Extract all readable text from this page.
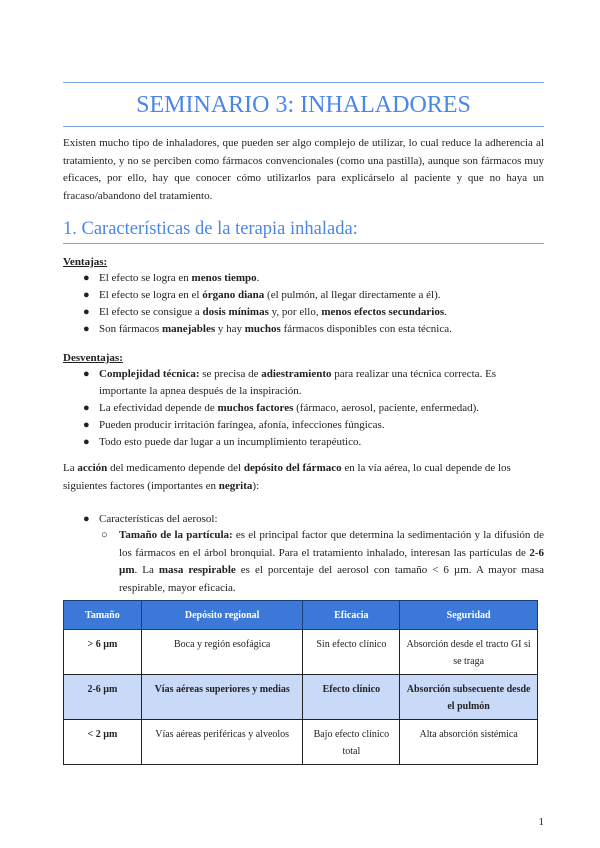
SEMINARIO 3: INHALADORES

Existen mucho tipo de inhaladores, que pueden ser algo complejo de utilizar, lo cual reduce la adherencia al tratamiento, y no se perciben como fármacos convencionales (como una pastilla), aunque son fármacos muy eficaces, por ello, hay que conocer cómo utilizarlos para explicárselo al paciente y que no haya un fracaso/abandono del tratamiento.

1. Características de la terapia inhalada:

Ventajas:

● El efecto se logra en menos tiempo.
● El efecto se logra en el órgano diana (el pulmón, al llegar directamente a él).
● El efecto se consigue a dosis mínimas y, por ello, menos efectos secundarios.
● Son fármacos manejables y hay muchos fármacos disponibles con esta técnica.

Desventajas:

● Complejidad técnica: se precisa de adiestramiento para realizar una técnica correcta. Es importante la apnea después de la inspiración.
● La efectividad depende de muchos factores (fármaco, aerosol, paciente, enfermedad).
● Pueden producir irritación faríngea, afonía, infecciones fúngicas.
● Todo esto puede dar lugar a un incumplimiento terapéutico.

La acción del medicamento depende del depósito del fármaco en la vía aérea, lo cual depende de los siguientes factores (importantes en negrita):

● Características del aerosol:

○ Tamaño de la partícula: es el principal factor que determina la sedimentación y la difusión de los fármacos en el árbol bronquial. Para el tratamiento inhalado, interesan las partículas de 2-6 µm. La masa respirable es el porcentaje del aerosol con tamaño < 6 µm. A mayor masa respirable, mayor eficacia.

Tamaño	Depósito regional	Eficacia	Seguridad
> 6 µm	Boca y región esofágica	Sin efecto clínico	Absorción desde el tracto GI si se traga
2-6 µm	Vías aéreas superiores y medias	Efecto clínico	Absorción subsecuente desde el pulmón
< 2 µm	Vías aéreas periféricas y alveolos	Bajo efecto clínico total	Alta absorción sistémica
1
